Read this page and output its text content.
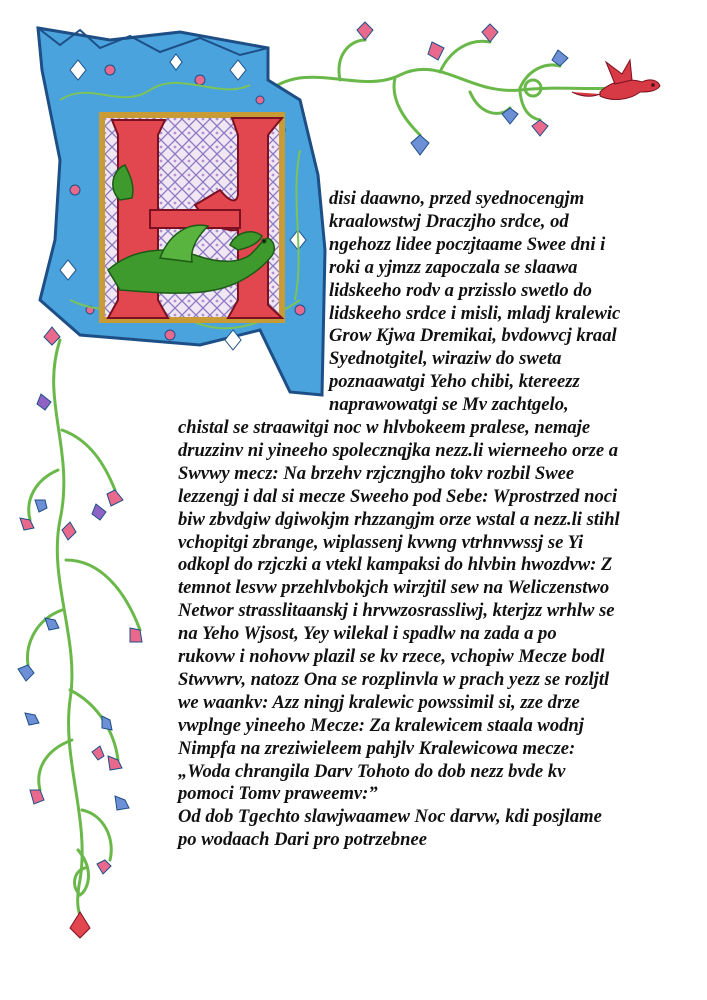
disi daawno, przed syednocengjm

kraalowstwj Draczjho srdce, od

ngehozz lidee poczjtaame Swee dni i

roki a yjmzz zapoczala se slaawa

lidskeeho rodv a przisslo swetlo do

lidskeeho srdce i misli, mladj kralewic

Grow Kjwa Dremikai, bvdowvcj kraal

Syednotgitel, wiraziw do sweta

poznaawatgi Yeho chibi, ktereezz

naprawowatgi se Mv zachtgelo,

chistal se straawitgi noc w hlvbokeem pralese, nemaje

druzzinv ni yineeho spolecznqjka nezz.li wierneeho orze a

Swvwy mecz: Na brzehv rzjczngjho tokv rozbil Swee

lezzengj i dal si mecze Sweeho pod Sebe: Wprostrzed noci

biw zbvdgiw dgiwokjm rhzzangjm orze wstal a nezz.li stihl

vchopitgi zbrange, wiplassenj kvwng vtrhnvwssj se Yi

odkopl do rzjczki a vtekl kampaksi do hlvbin hwozdvw: Z

temnot lesvw przehlvbokjch wirzjtil sew na Weliczenstwo

Networ strasslitaanskj i hrvwzosrassliwj, kterjzz wrhlw se

na Yeho Wjsost, Yey wilekal i spadlw na zada a po

rukovw i nohovw plazil se kv rzece, vchopiw Mecze bodl

Stwvwrv, natozz Ona se rozplinvla w prach yezz se rozljtl

we waankv: Azz ningj kralewic powssimil si, zze drze

vwplnge yineeho Mecze: Za kralewicem staala wodnj

Nimpfa na zreziwieleem pahjlv Kralewicowa mecze:

„Woda chrangila Darv Tohoto do dob nezz bvde kv

pomoci Tomv praweemv:”

Od dob Tgechto slawjwaamew Noc darvw, kdi posjlame

po wodaach Dari pro potrzebnee
